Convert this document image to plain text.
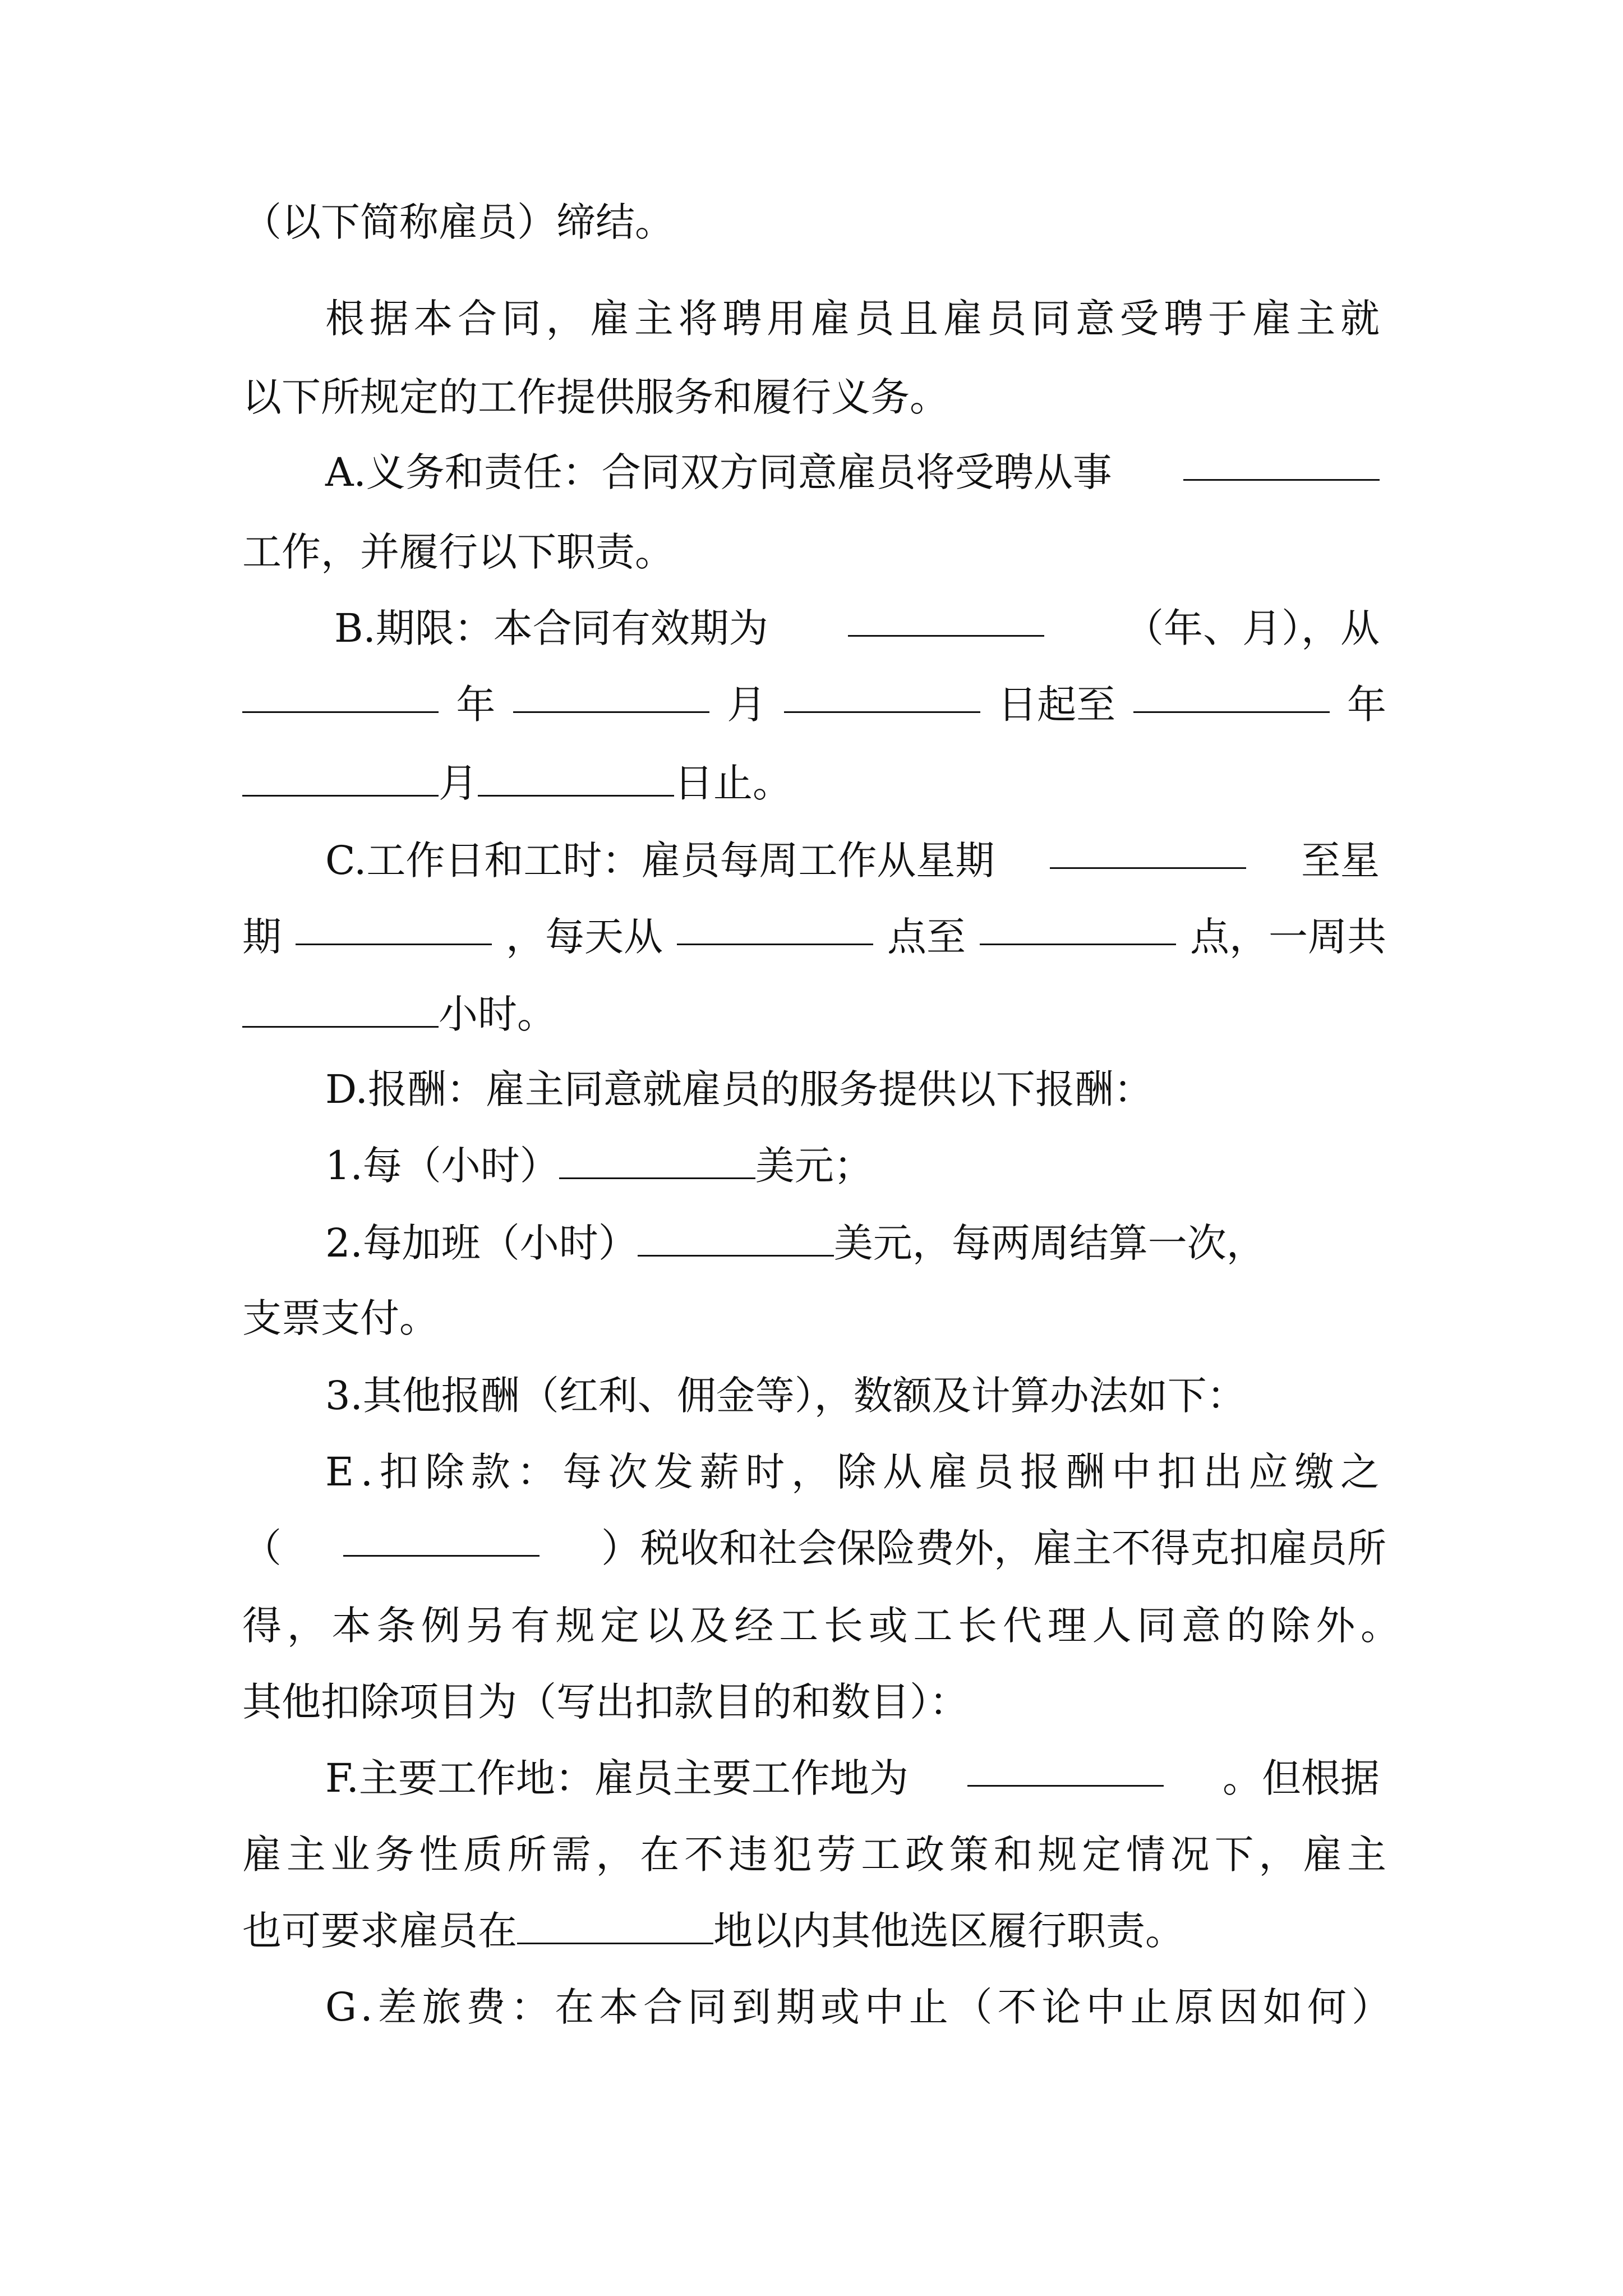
（以下简称雇员）缔结。
根据本合同，雇主将聘用雇员且雇员同意受聘于雇主就
以下所规定的工作提供服务和履行义务。
A.义务和责任：合同双方同意雇员将受聘从事
工作，并履行以下职责。
B.期限：本合同有效期为	（年、月），从
年	月	日起至	年
月	日止。
C.工作日和工时：雇员每周工作从星期	至星
期	，每天从	点至	点，一周共
小时。
D.报酬：雇主同意就雇员的服务提供以下报酬：
1.每（小时）	美元；
2.每加班（小时）	美元，每两周结算一次，
支票支付。
3.其他报酬（红利、佣金等），数额及计算办法如下：
E.扣除款：每次发薪时，除从雇员报酬中扣出应缴之
（	）税收和社会保险费外，雇主不得克扣雇员所
得，本条例另有规定以及经工长或工长代理人同意的除外。
其他扣除项目为（写出扣款目的和数目）：
F.主要工作地：雇员主要工作地为	。但根据
雇主业务性质所需，在不违犯劳工政策和规定情况下，雇主
也可要求雇员在	地以内其他选区履行职责。
G.差旅费：在本合同到期或中止（不论中止原因如何）
